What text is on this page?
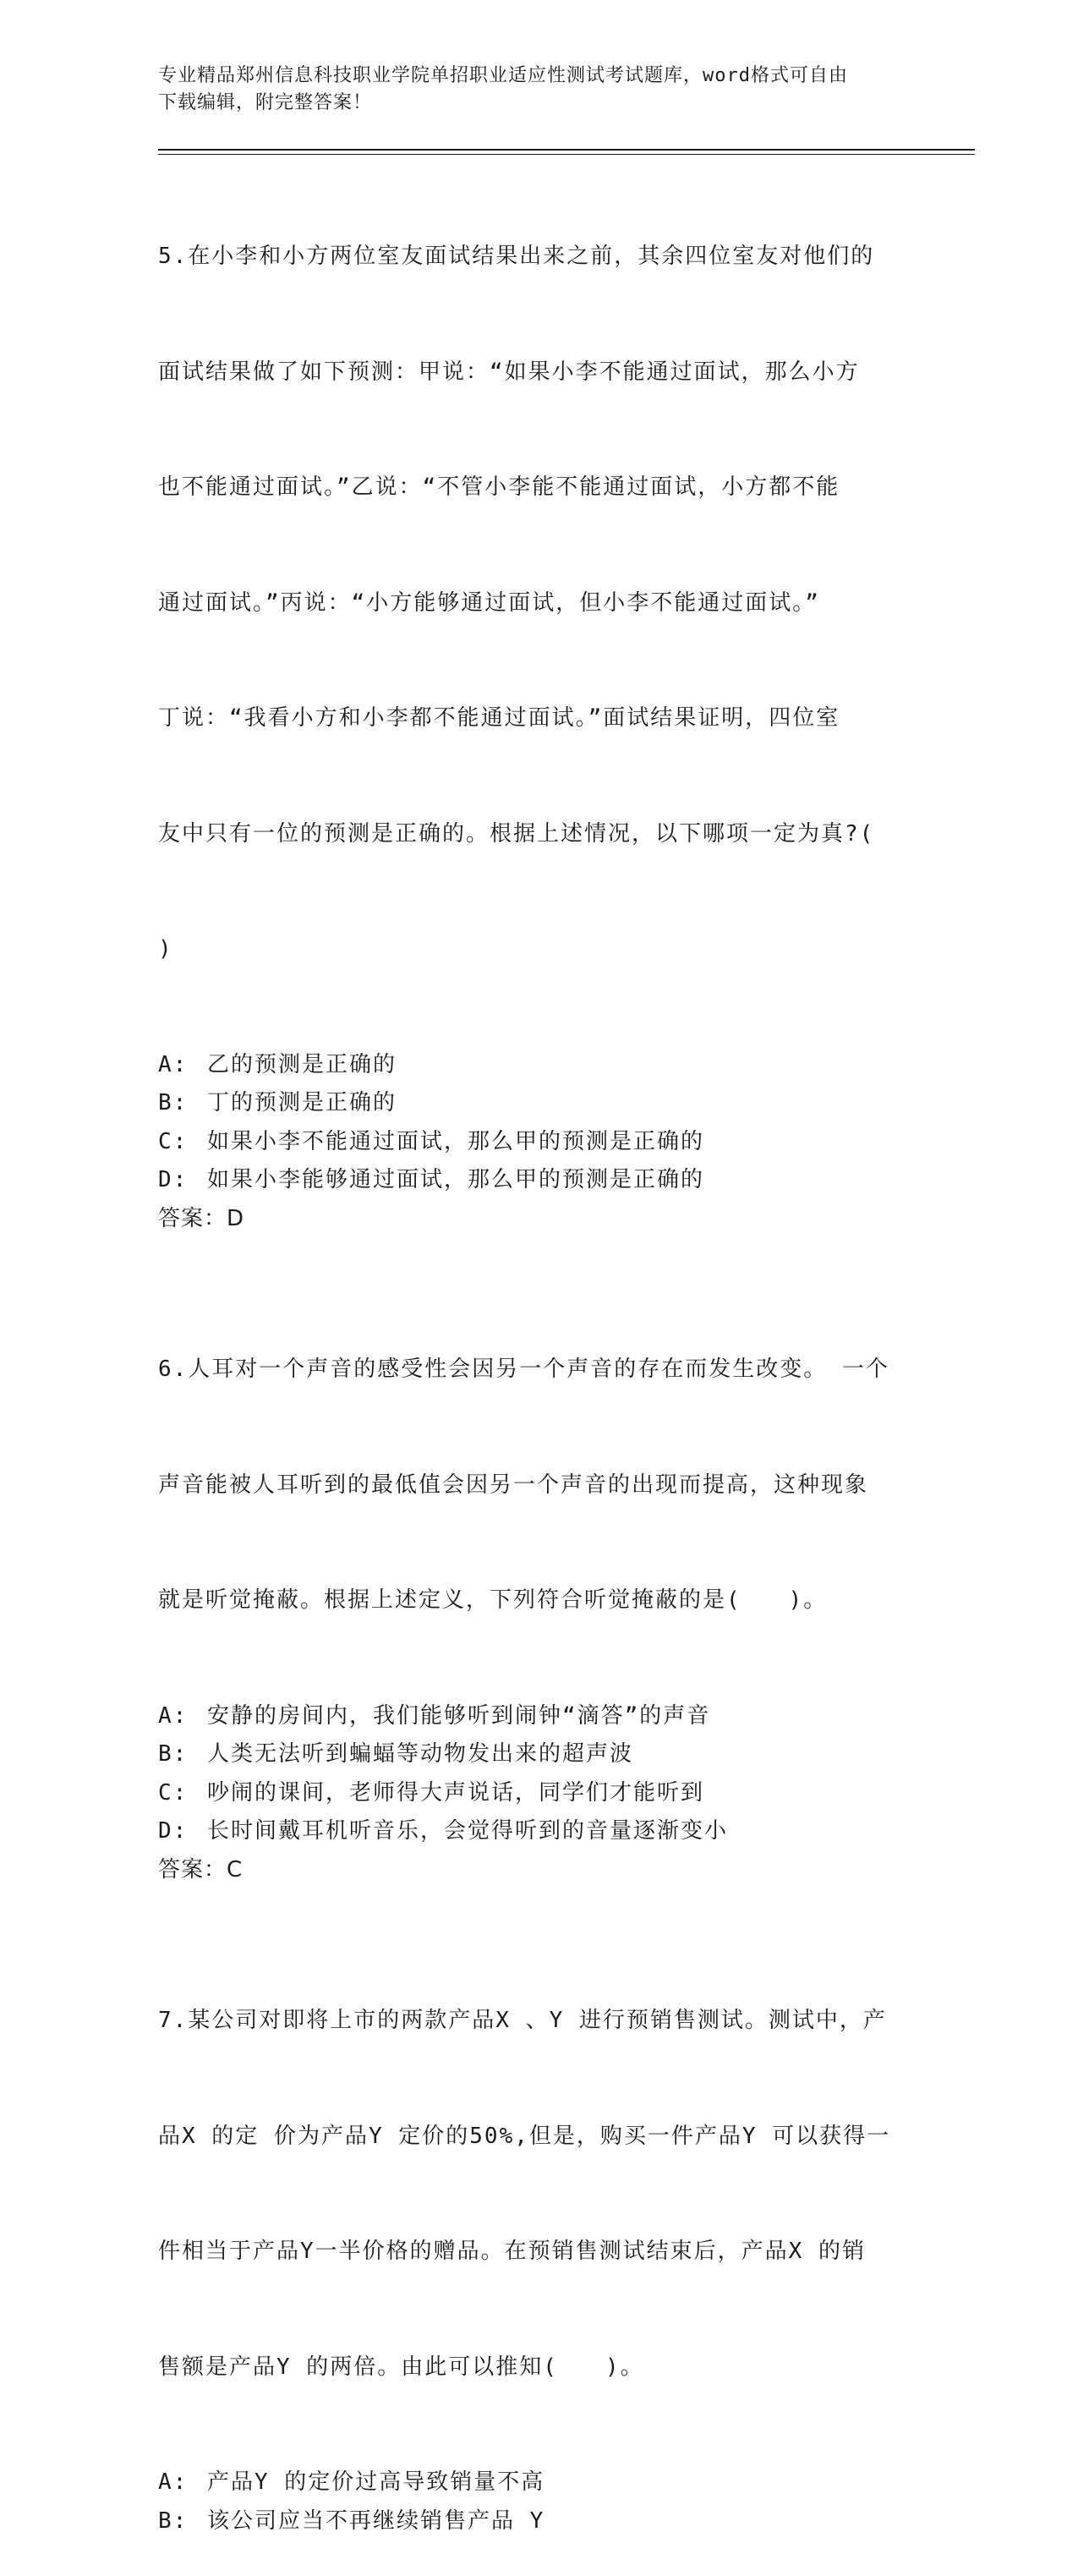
专业精品郑州信息科技职业学院单招职业适应性测试考试题库，word格式可自由
下载编辑，附完整答案！

5.在小李和小方两位室友面试结果出来之前，其余四位室友对他们的

面试结果做了如下预测：甲说：“如果小李不能通过面试，那么小方

也不能通过面试。”乙说：“不管小李能不能通过面试，小方都不能

通过面试。”丙说：“小方能够通过面试，但小李不能通过面试。”

丁说：“我看小方和小李都不能通过面试。”面试结果证明，四位室

友中只有一位的预测是正确的。根据上述情况，以下哪项一定为真?(

)

A: 乙的预测是正确的
B: 丁的预测是正确的
C: 如果小李不能通过面试，那么甲的预测是正确的
D: 如果小李能够通过面试，那么甲的预测是正确的
答案：D

6.人耳对一个声音的感受性会因另一个声音的存在而发生改变。 一个

声音能被人耳听到的最低值会因另一个声音的出现而提高，这种现象

就是听觉掩蔽。根据上述定义，下列符合听觉掩蔽的是(　　)。

A: 安静的房间内，我们能够听到闹钟“滴答”的声音
B: 人类无法听到蝙蝠等动物发出来的超声波
C: 吵闹的课间，老师得大声说话，同学们才能听到
D: 长时间戴耳机听音乐，会觉得听到的音量逐渐变小
答案：C

7.某公司对即将上市的两款产品X 、Y 进行预销售测试。测试中，产

品X 的定 价为产品Y 定价的50%,但是，购买一件产品Y 可以获得一

件相当于产品Y一半价格的赠品。在预销售测试结束后，产品X 的销

售额是产品Y 的两倍。由此可以推知(　　)。

A: 产品Y 的定价过高导致销量不高
B: 该公司应当不再继续销售产品 Y
